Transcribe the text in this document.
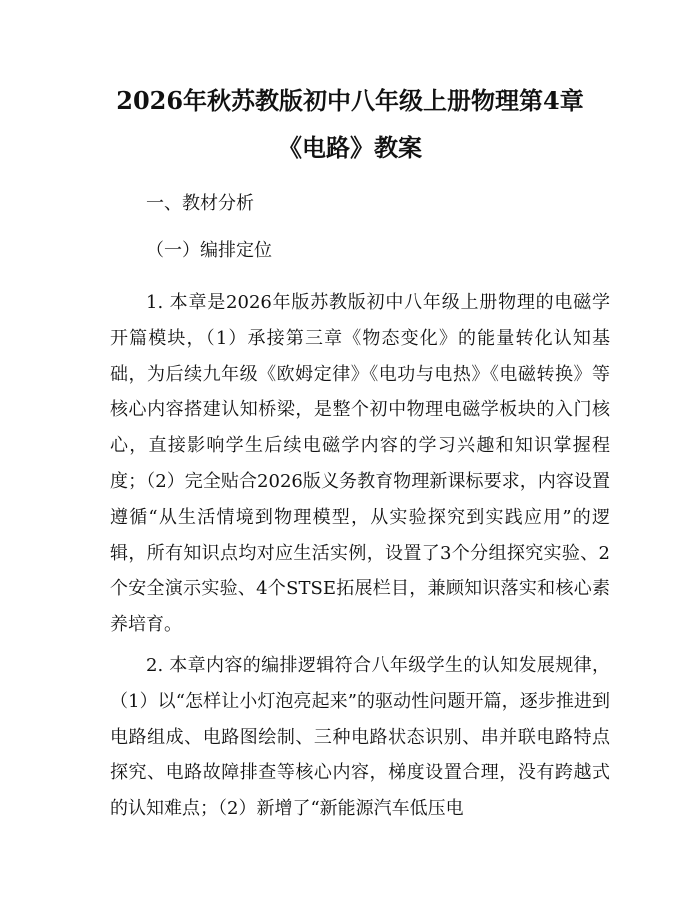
2026年秋苏教版初中八年级上册物理第4章
《电路》教案
一、教材分析
（一）编排定位

1. 本章是2026年版苏教版初中八年级上册物理的电磁学开篇模块，（1）承接第三章《物态变化》的能量转化认知基础，为后续九年级《欧姆定律》《电功与电热》《电磁转换》等核心内容搭建认知桥梁，是整个初中物理电磁学板块的入门核心，直接影响学生后续电磁学内容的学习兴趣和知识掌握程度；（2）完全贴合2026版义务教育物理新课标要求，内容设置遵循“从生活情境到物理模型，从实验探究到实践应用”的逻辑，所有知识点均对应生活实例，设置了3个分组探究实验、2个安全演示实验、4个STSE拓展栏目，兼顾知识落实和核心素养培育。

2. 本章内容的编排逻辑符合八年级学生的认知发展规律，（1）以“怎样让小灯泡亮起来”的驱动性问题开篇，逐步推进到电路组成、电路图绘制、三种电路状态识别、串并联电路特点探究、电路故障排查等核心内容，梯度设置合理，没有跨越式的认知难点；（2）新增了“新能源汽车低压电
